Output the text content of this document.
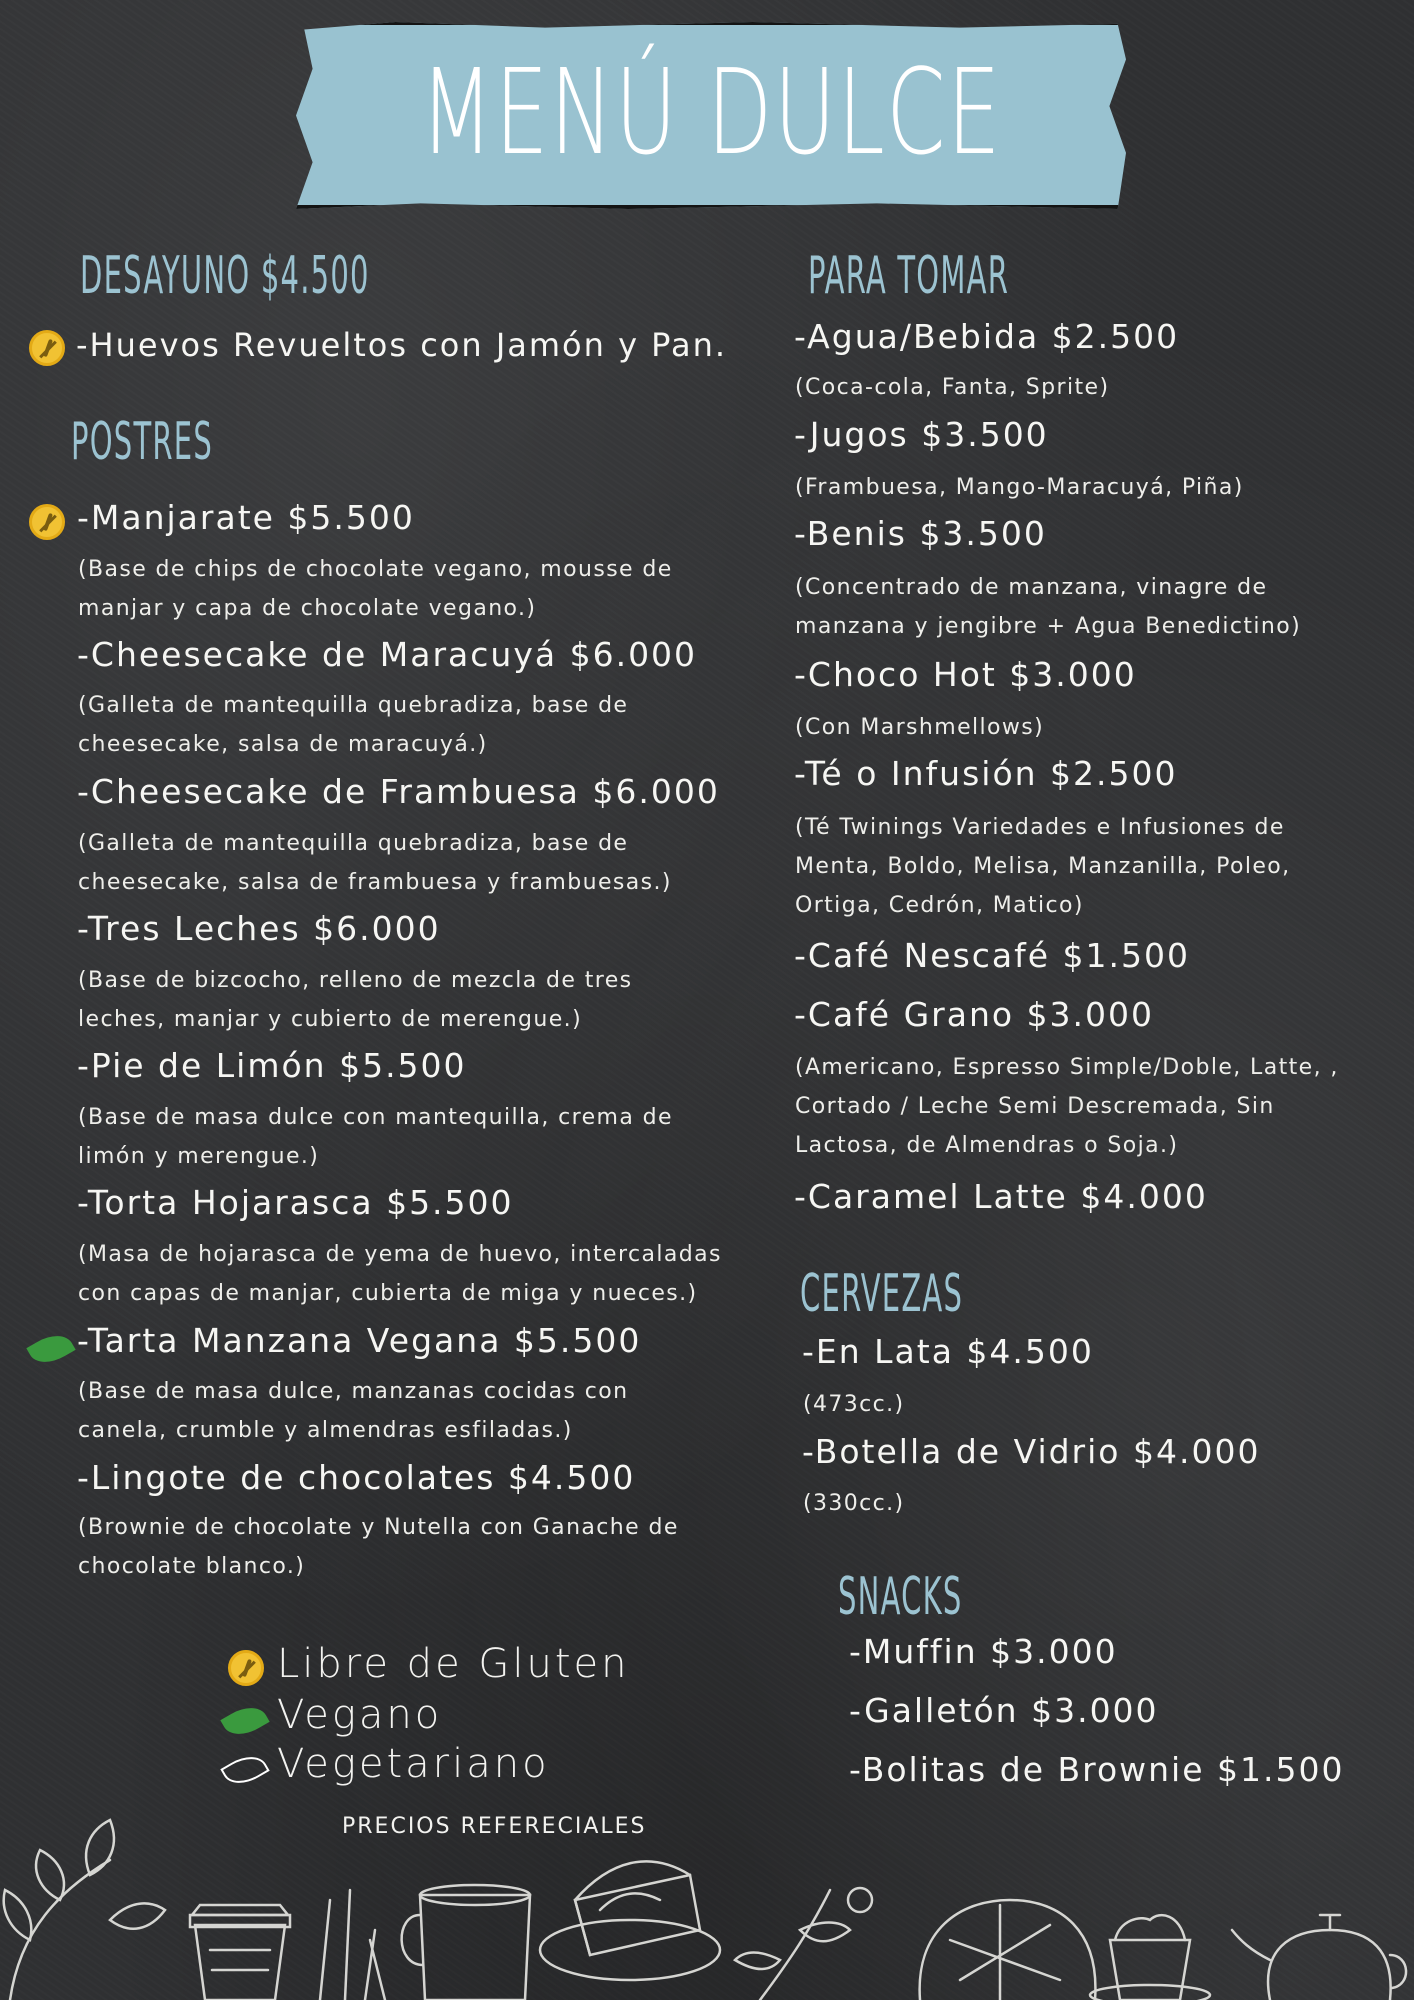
MENÚ DULCE
DESAYUNO $4.500
-Huevos Revueltos con Jamón y Pan.
POSTRES
-Manjarate $5.500
(Base de chips de chocolate vegano, mousse de manjar y capa de chocolate vegano.)
-Cheesecake de Maracuyá $6.000
(Galleta de mantequilla quebradiza, base de cheesecake, salsa de maracuyá.)
-Cheesecake de Frambuesa $6.000
(Galleta de mantequilla quebradiza, base de cheesecake, salsa de frambuesa y frambuesas.)
-Tres Leches $6.000
(Base de bizcocho, relleno de mezcla de tres leches, manjar y cubierto de merengue.)
-Pie de Limón $5.500
(Base de masa dulce con mantequilla, crema de limón y merengue.)
-Torta Hojarasca $5.500
(Masa de hojarasca de yema de huevo, intercaladas con capas de manjar, cubierta de miga y nueces.)
-Tarta Manzana Vegana $5.500
(Base de masa dulce, manzanas cocidas con canela, crumble y almendras esfiladas.)
-Lingote de chocolates $4.500
(Brownie de chocolate y Nutella con Ganache de chocolate blanco.)
PARA TOMAR
-Agua/Bebida $2.500
(Coca-cola, Fanta, Sprite)
-Jugos $3.500
(Frambuesa, Mango-Maracuyá, Piña)
-Benis $3.500
(Concentrado de manzana, vinagre de manzana y jengibre + Agua Benedictino)
-Choco Hot $3.000
(Con Marshmellows)
-Té o Infusión $2.500
(Té Twinings Variedades e Infusiones de Menta, Boldo, Melisa, Manzanilla, Poleo, Ortiga, Cedrón, Matico)
-Café Nescafé $1.500
-Café Grano $3.000
(Americano, Espresso Simple/Doble, Latte, , Cortado / Leche Semi Descremada, Sin Lactosa, de Almendras o Soja.)
-Caramel Latte $4.000
CERVEZAS
-En Lata $4.500
(473cc.)
-Botella de Vidrio $4.000
(330cc.)
SNACKS
-Muffin $3.000
-Galletón $3.000
-Bolitas de Brownie $1.500
Libre de Gluten
Vegano
Vegetariano
PRECIOS REFERECIALES
